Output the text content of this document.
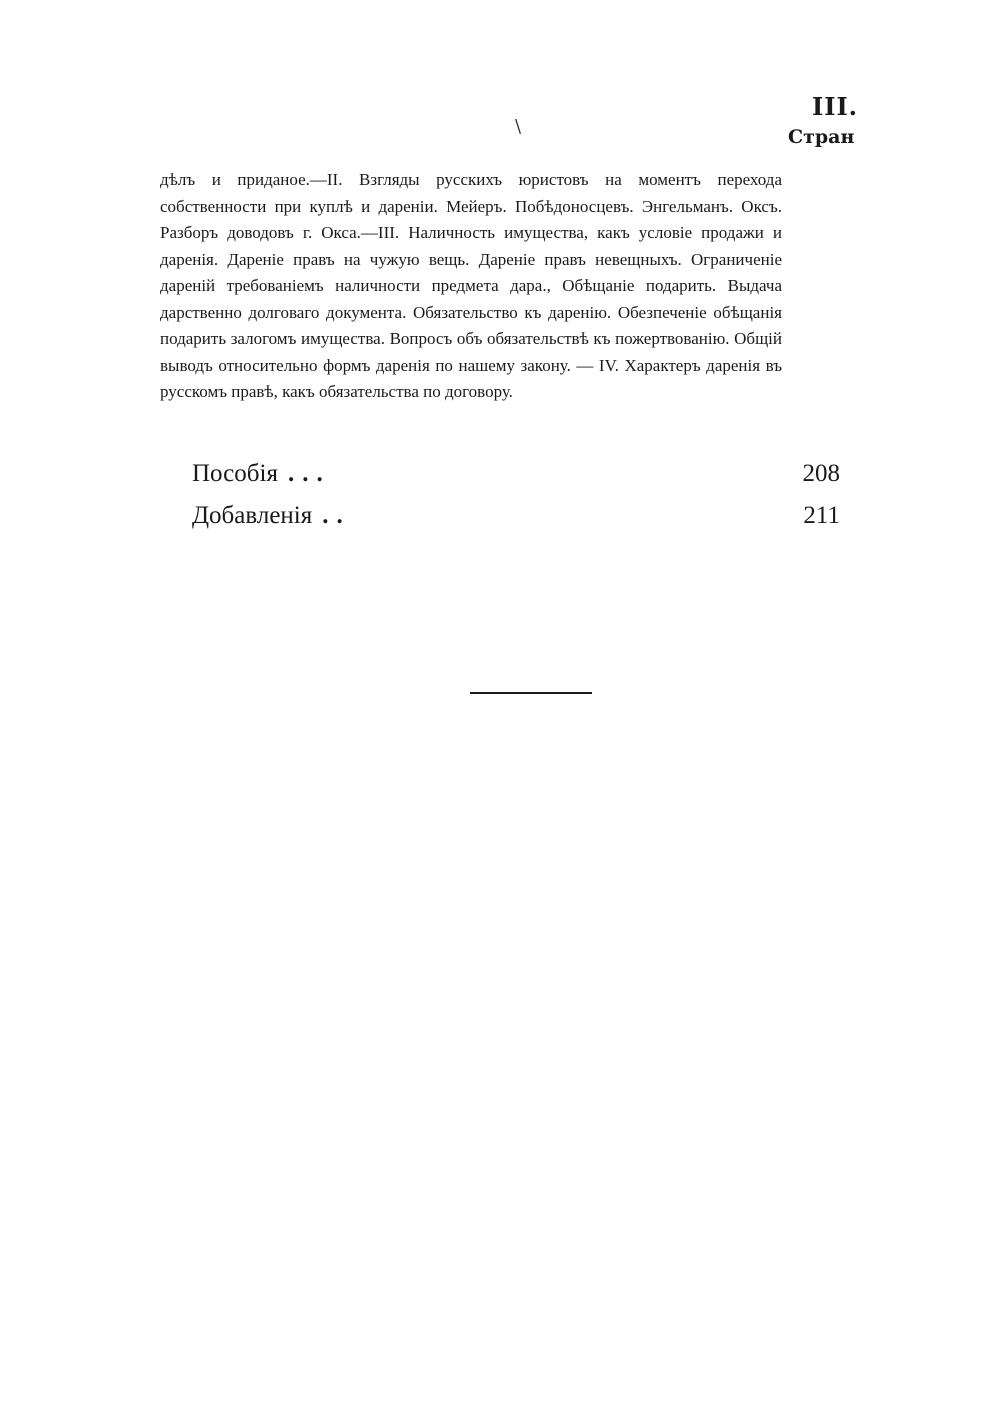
III.
Стран
\
дѣлъ и приданое.—II. Взгляды русскихъ юристовъ на моментъ перехода собственности при куплѣ и дареніи. Мейеръ. Побѣдоносцевъ. Энгельманъ. Оксъ. Разборъ доводовъ г. Окса.—III. Наличность имущества, какъ условіе продажи и даренія. Дареніе правъ на чужую вещь. Дареніе правъ невещныхъ. Ограниченіе дареній требованіемъ наличности предмета дара., Обѣщаніе подарить. Выдача дарственно долговаго документа. Обязательство къ даренію. Обезпеченіе обѣщанія подарить залогомъ имущества. Вопросъ объ обязательствѣ къ пожертвованію. Общій выводъ относительно формъ даренія по нашему закону. — IV. Характеръ даренія въ русскомъ правѣ, какъ обязательства по договору.
Пособія ...	208
Добавленія ..	211
